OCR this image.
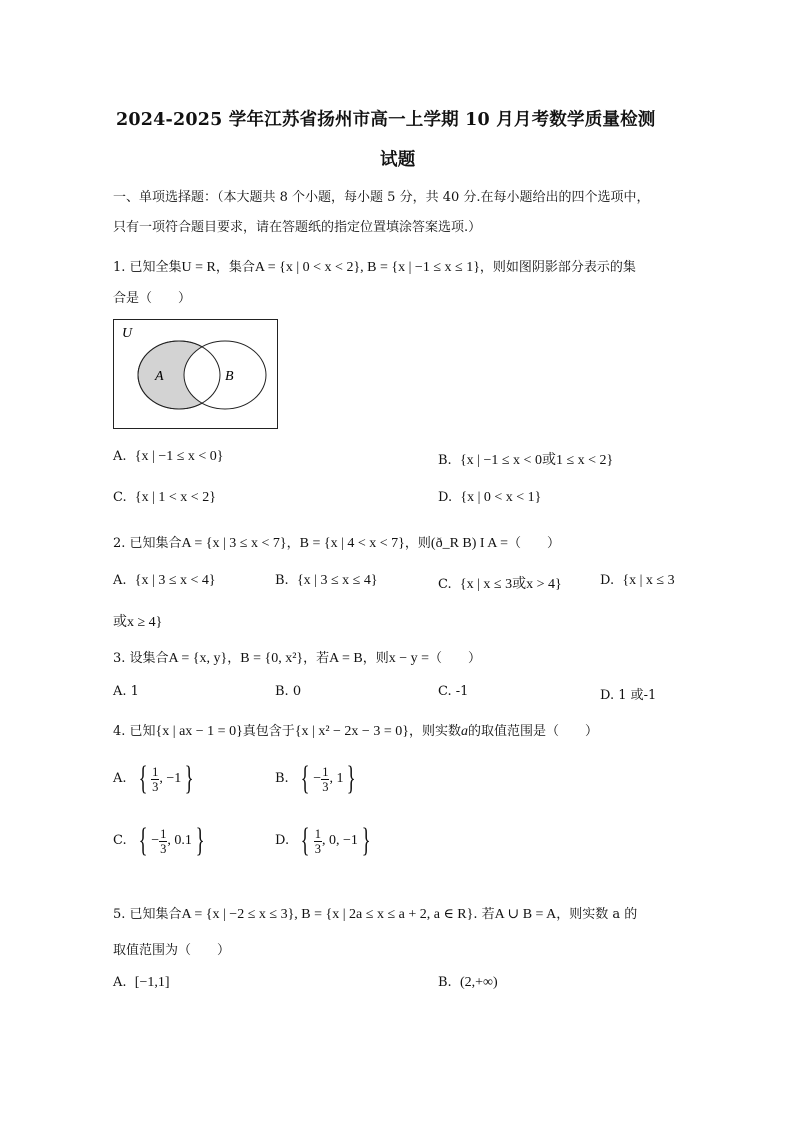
2024-2025 学年江苏省扬州市高一上学期 10 月月考数学质量检测
试题
一、单项选择题：（本大题共 8 个小题，每小题 5 分，共 40 分.在每小题给出的四个选项中，
只有一项符合题目要求，请在答题纸的指定位置填涂答案选项.）
1. 已知全集U = R，集合A = {x | 0 < x < 2}, B = {x | −1 ≤ x ≤ 1}，则如图阴影部分表示的集
合是（　　）
U
A	B
A. {x | −1 ≤ x < 0}	B. {x | −1 ≤ x < 0或1 ≤ x < 2}
C. {x | 1 < x < 2}	D. {x | 0 < x < 1}
2. 已知集合A = {x | 3 ≤ x < 7}，B = {x | 4 < x < 7}，则(ð_R B) I A =（　　）
A. {x | 3 ≤ x < 4}	B. {x | 3 ≤ x ≤ 4}	C. {x | x ≤ 3或x > 4}	D. {x | x ≤ 3
或x ≥ 4}
3. 设集合A = {x, y}，B = {0, x²}，若A = B，则x − y =（　　）
A. 1	B. 0	C. -1	D. 1 或-1
4. 已知{x | ax − 1 = 0}真包含于{x | x² − 2x − 3 = 0}，则实数a的取值范围是（　　）
A. { $\frac{1}{3}$ , −1 }	B. { − $\frac{1}{3}$ , 1 }
C. { − $\frac{1}{3}$ , 0.1 }	D. { $\frac{1}{3}$ , 0, −1 }
5. 已知集合A = {x | −2 ≤ x ≤ 3}, B = {x | 2a ≤ x ≤ a + 2, a ∈ R}. 若A ∪ B = A，则实数 a 的
取值范围为（　　）
A. [−1,1]	B. (2,+∞)
